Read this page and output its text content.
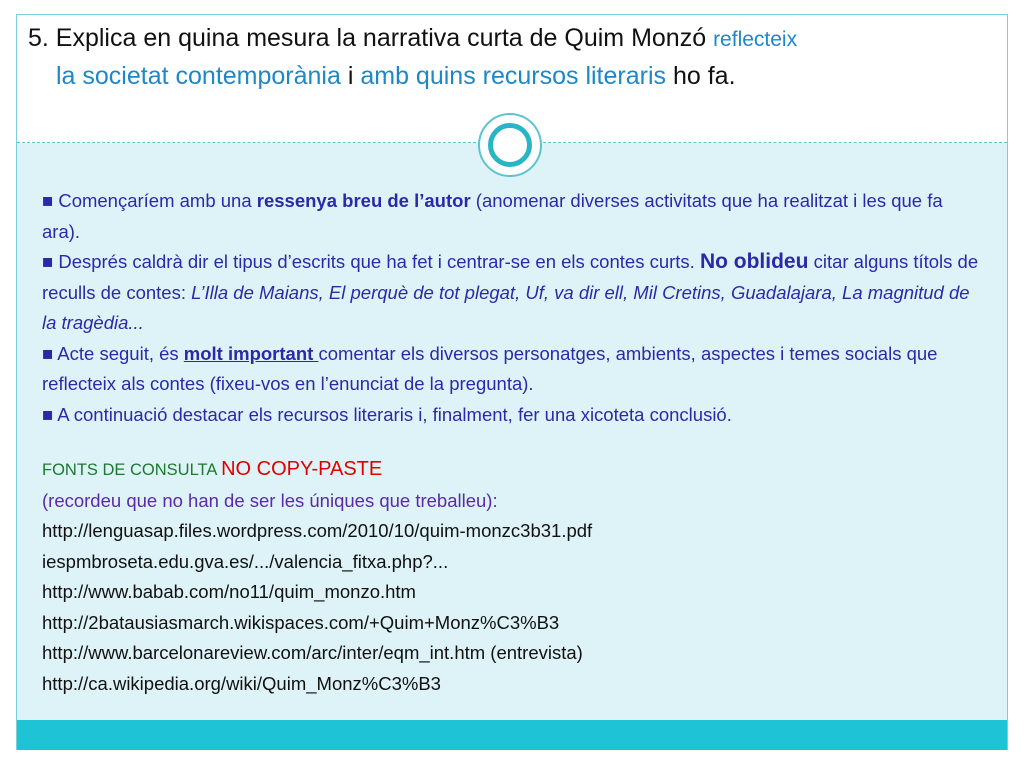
5. Explica en quina mesura la narrativa curta de Quim Monzó reflecteix
la societat contemporània i amb quins recursos literaris ho fa.

■ Començaríem amb una ressenya breu de l’autor (anomenar diverses activitats que ha realitzat i les que fa ara).

■ Després caldrà dir el tipus d’escrits que ha fet i centrar-se en els contes curts. No oblideu citar alguns títols de reculls de contes: L’Illa de Maians, El perquè de tot plegat, Uf, va dir ell, Mil Cretins, Guadalajara, La magnitud de la tragèdia...

■ Acte seguit, és molt important comentar els diversos personatges, ambients, aspectes i temes socials que reflecteix als contes (fixeu-vos en l’enunciat de la pregunta).

■ A continuació destacar els recursos literaris i, finalment, fer una xicoteta conclusió.

FONTS DE CONSULTA NO COPY-PASTE

(recordeu que no han de ser les úniques que treballeu):

http://lenguasap.files.wordpress.com/2010/10/quim-monzc3b31.pdf

iespmbroseta.edu.gva.es/.../valencia_fitxa.php?...

http://www.babab.com/no11/quim_monzo.htm

http://2batausiasmarch.wikispaces.com/+Quim+Monz%C3%B3

http://www.barcelonareview.com/arc/inter/eqm_int.htm (entrevista)

http://ca.wikipedia.org/wiki/Quim_Monz%C3%B3
